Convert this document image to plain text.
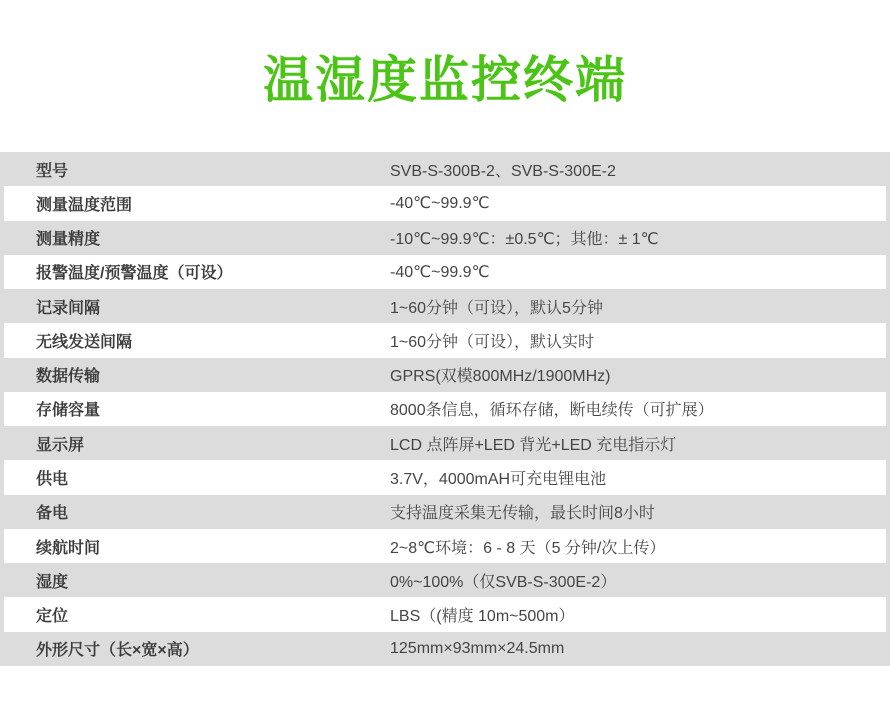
温湿度监控终端
型号	SVB-S-300B-2、SVB-S-300E-2
测量温度范围	-40℃~99.9℃
测量精度	-10℃~99.9℃：±0.5℃；其他：± 1℃
报警温度/预警温度（可设）	-40℃~99.9℃
记录间隔	1~60分钟（可设），默认5分钟
无线发送间隔	1~60分钟（可设），默认实时
数据传输	GPRS(双模800MHz/1900MHz)
存储容量	8000条信息，循环存储，断电续传（可扩展）
显示屏	LCD 点阵屏+LED 背光+LED 充电指示灯
供电	3.7V，4000mAH可充电锂电池
备电	支持温度采集无传输，最长时间8小时
续航时间	2~8℃环境：6 - 8 天（5 分钟/次上传）
湿度	0%~100%（仅SVB-S-300E-2）
定位	LBS（(精度 10m~500m）
外形尺寸（长×宽×高）	125mm×93mm×24.5mm
